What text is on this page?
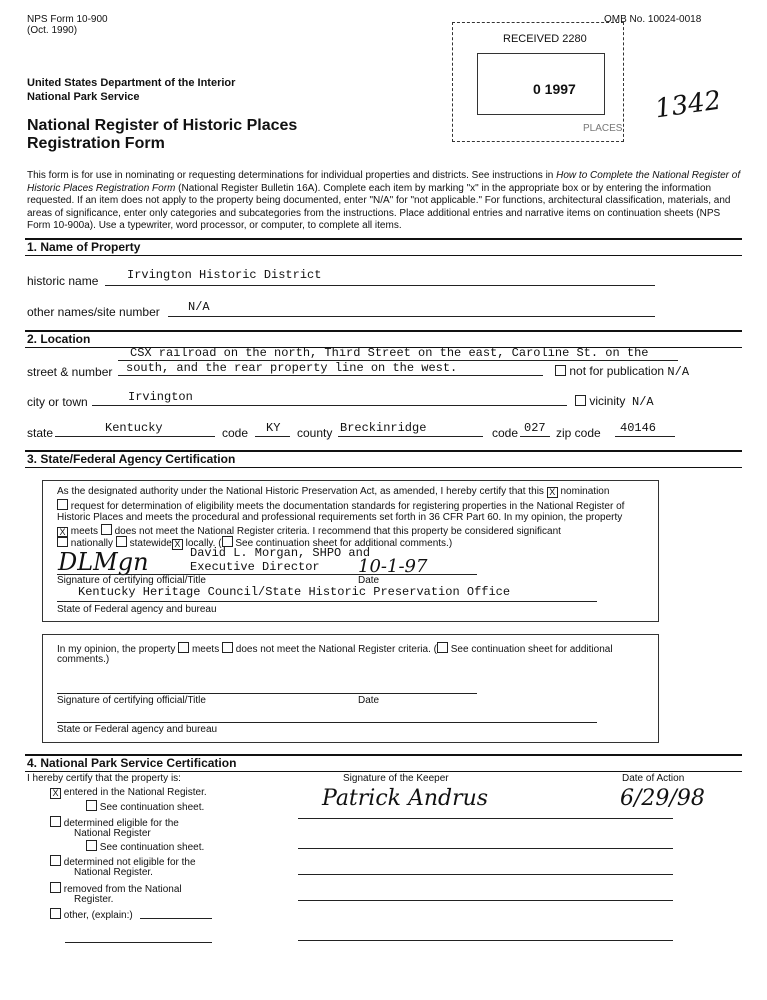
NPS Form 10-900
(Oct. 1990)
United States Department of the Interior
National Park Service
National Register of Historic Places
Registration Form
RECEIVED 2280
0 1997
PLACES
OMB No. 10024-0018
1342
This form is for use in nominating or requesting determinations for individual properties and districts. See instructions in How to Complete the National Register of Historic Places Registration Form (National Register Bulletin 16A). Complete each item by marking "x" in the appropriate box or by entering the information requested. If an item does not apply to the property being documented, enter "N/A" for "not applicable." For functions, architectural classification, materials, and areas of significance, enter only categories and subcategories from the instructions. Place additional entries and narrative items on continuation sheets (NPS Form 10-900a). Use a typewriter, word processor, or computer, to complete all items.
1. Name of Property
historic name Irvington Historic District
other names/site number N/A
2. Location
CSX railroad on the north, Third Street on the east, Caroline St. on the
street & number south, and the rear property line on the west.	not for publication N/A
city or town	Irvington	vicinity N/A
state	Kentucky	code KY county Breckinridge	code 027 zip code 40146
3. State/Federal Agency Certification
As the designated authority under the National Historic Preservation Act, as amended, I hereby certify that this X nomination
request for determination of eligibility meets the documentation standards for registering properties in the National Register of
Historic Places and meets the procedural and professional requirements set forth in 36 CFR Part 60. In my opinion, the property
X meets does not meet the National Register criteria. I recommend that this property be considered significant
nationally statewide X locally. ( See continuation sheet for additional comments.)
DLMgn	David L. Morgan, SHPO and
Executive Director 10-1-97
Signature of certifying official/Title	Date
Kentucky Heritage Council/State Historic Preservation Office
State of Federal agency and bureau
In my opinion, the property meets does not meet the National Register criteria. ( See continuation sheet for additional
comments.)
Signature of certifying official/Title	Date
State or Federal agency and bureau
4. National Park Service Certification
I hereby certify that the property is:	Signature of the Keeper	Date of Action
Patrick Andrus	6/29/98
X entered in the National Register.
See continuation sheet.
determined eligible for the
National Register
See continuation sheet.
determined not eligible for the
National Register.
removed from the National
Register.
other, (explain:)
